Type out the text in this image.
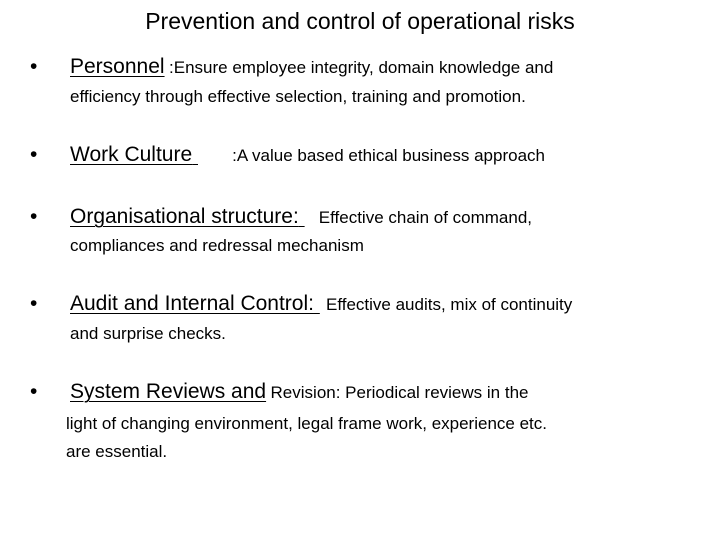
Prevention and control of operational risks
• Personnel :Ensure employee integrity, domain knowledge and
efficiency through effective selection, training and promotion.
• Work Culture :A value based ethical business approach
• Organisational structure: Effective chain of command,
compliances and redressal mechanism
• Audit and Internal Control: Effective audits, mix of continuity
and surprise checks.
• System Reviews and Revision: Periodical reviews in the
light of changing environment, legal frame work, experience etc.
are essential.
